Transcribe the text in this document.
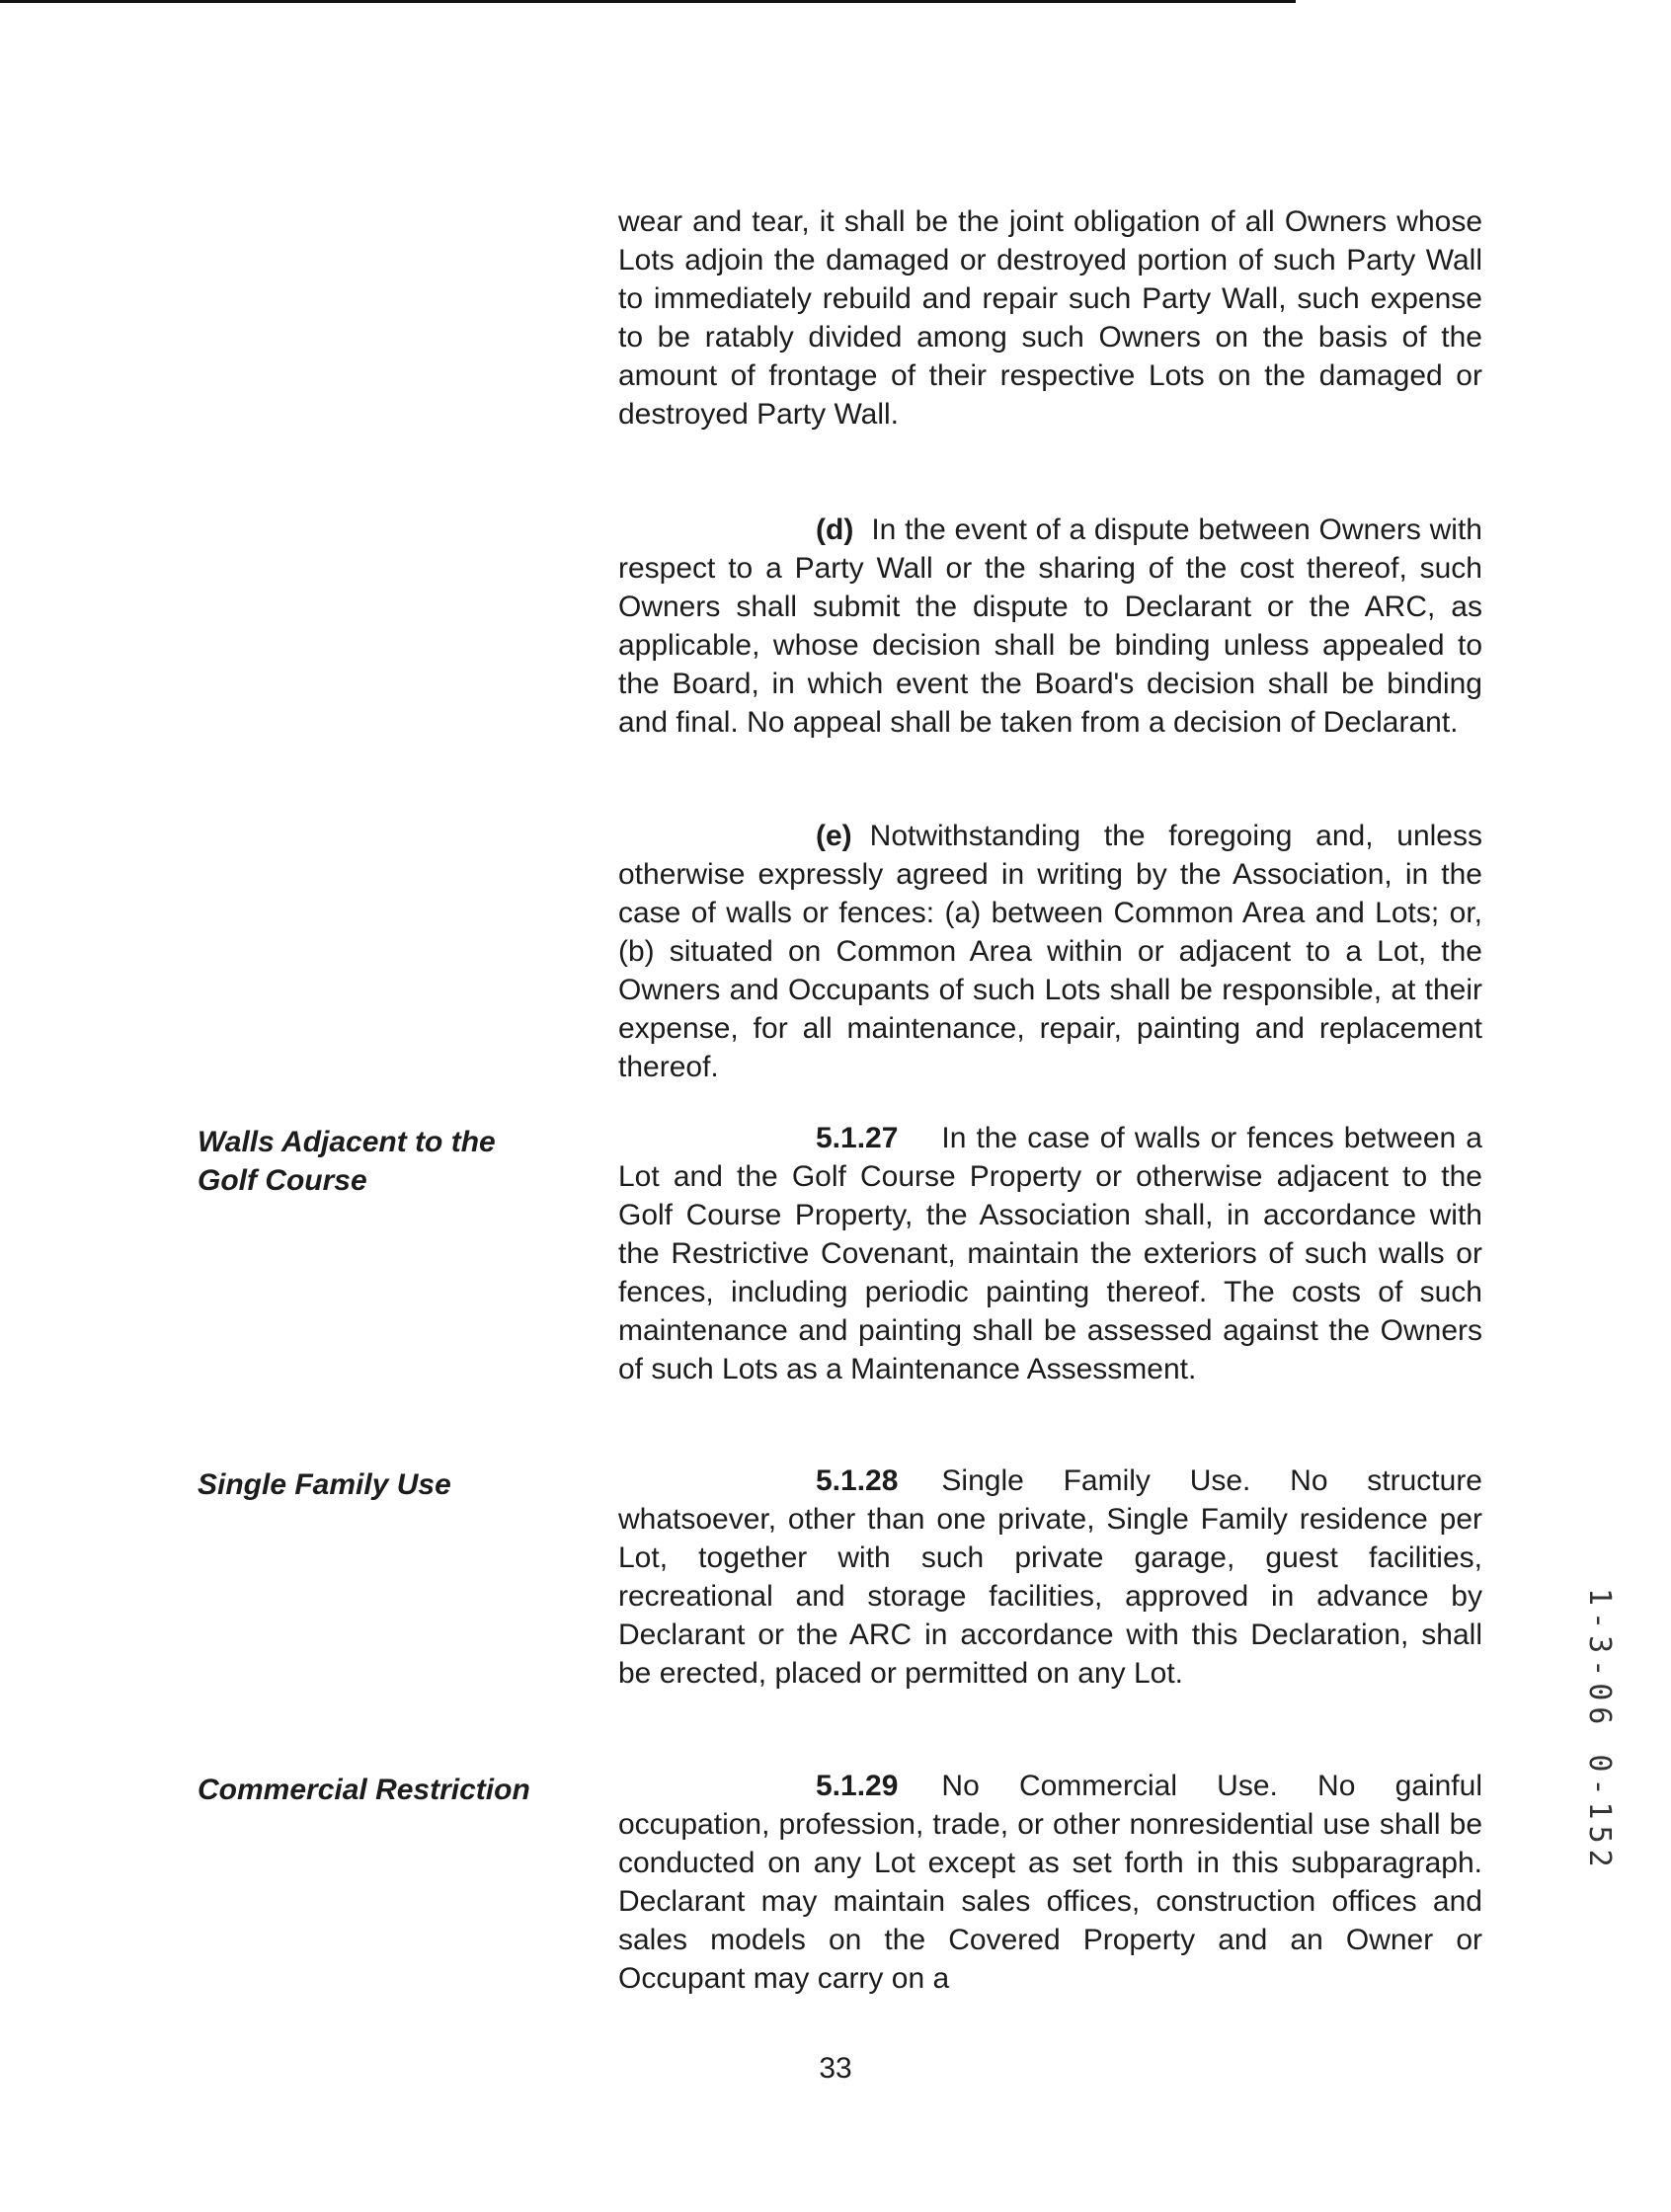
wear and tear, it shall be the joint obligation of all Owners whose Lots adjoin the damaged or destroyed portion of such Party Wall to immediately rebuild and repair such Party Wall, such expense to be ratably divided among such Owners on the basis of the amount of frontage of their respective Lots on the damaged or destroyed Party Wall.

(d) In the event of a dispute between Owners with respect to a Party Wall or the sharing of the cost thereof, such Owners shall submit the dispute to Declarant or the ARC, as applicable, whose decision shall be binding unless appealed to the Board, in which event the Board's decision shall be binding and final. No appeal shall be taken from a decision of Declarant.

(e) Notwithstanding the foregoing and, unless otherwise expressly agreed in writing by the Association, in the case of walls or fences: (a) between Common Area and Lots; or, (b) situated on Common Area within or adjacent to a Lot, the Owners and Occupants of such Lots shall be responsible, at their expense, for all maintenance, repair, painting and replacement thereof.

Walls Adjacent to the
Golf Course

5.1.27 In the case of walls or fences between a Lot and the Golf Course Property or otherwise adjacent to the Golf Course Property, the Association shall, in accordance with the Restrictive Covenant, maintain the exteriors of such walls or fences, including periodic painting thereof. The costs of such maintenance and painting shall be assessed against the Owners of such Lots as a Maintenance Assessment.

Single Family Use	5.1.28 Single Family Use. No structure whatsoever, other than one private, Single Family residence per Lot, together with such private garage, guest facilities, recreational and storage facilities, approved in advance by Declarant or the ARC in accordance with this Declaration, shall be erected, placed or permitted on any Lot.

Commercial Restriction	5.1.29 No Commercial Use. No gainful occupation, profession, trade, or other nonresidential use shall be conducted on any Lot except as set forth in this subparagraph. Declarant may maintain sales offices, construction offices and sales models on the Covered Property and an Owner or Occupant may carry on a

33

1-3-06 0-152
